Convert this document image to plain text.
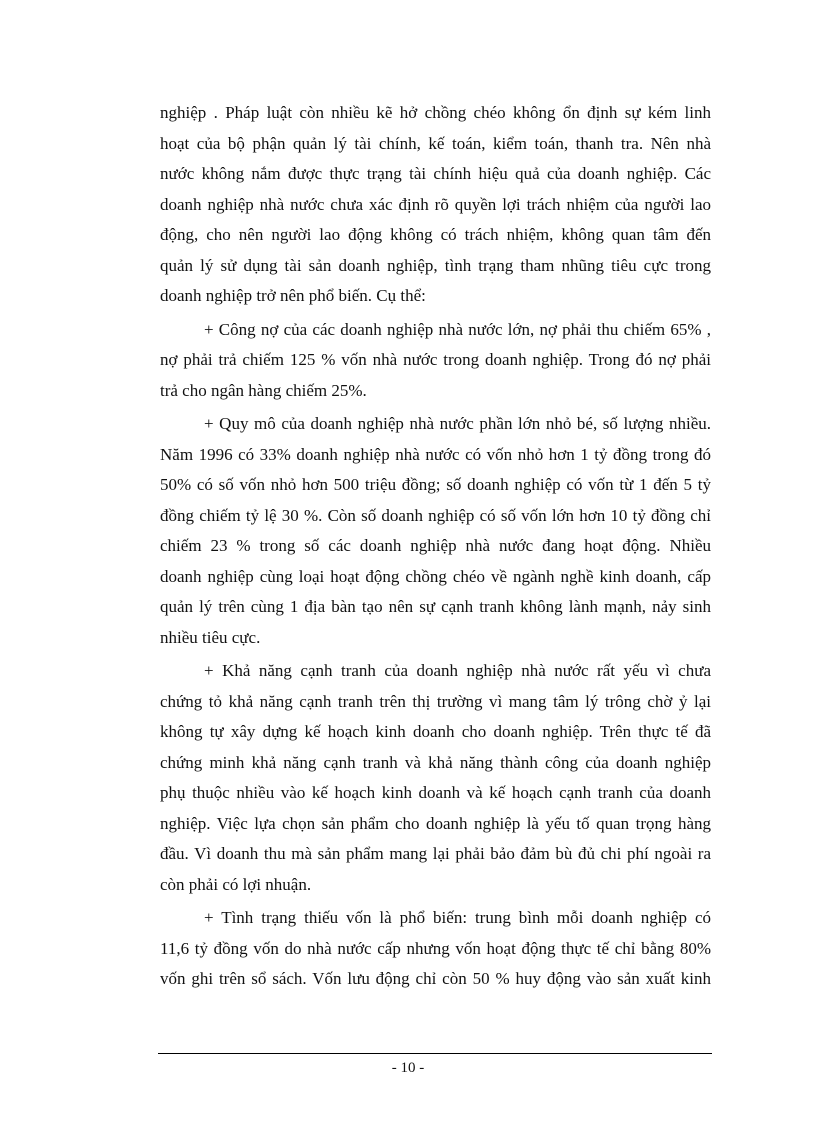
nghiệp . Pháp luật còn nhiều kẽ hở chồng chéo không ổn định sự kém linh
hoạt của bộ phận quản lý tài chính, kế toán, kiểm toán, thanh tra. Nên nhà
nước không nắm được thực trạng tài chính hiệu quả của doanh nghiệp. Các
doanh nghiệp nhà nước chưa xác định rõ quyền lợi trách nhiệm của người lao
động, cho nên người lao động không có trách nhiệm, không quan tâm đến
quản lý sử dụng tài sản doanh nghiệp, tình trạng tham nhũng tiêu cực trong
doanh nghiệp trở nên phổ biến. Cụ thể:
+ Công nợ của các doanh nghiệp nhà nước lớn, nợ phải thu chiếm 65% ,
nợ phải trả chiếm 125 % vốn nhà nước trong doanh nghiệp. Trong đó nợ phải
trả cho ngân hàng chiếm 25%.
+ Quy mô của doanh nghiệp nhà nước phần lớn nhỏ bé, số lượng nhiều.
Năm 1996 có 33% doanh nghiệp nhà nước có vốn nhỏ hơn 1 tỷ đồng trong đó
50% có số vốn nhỏ hơn 500 triệu đồng; số doanh nghiệp có vốn từ 1 đến 5 tỷ
đồng chiếm tỷ lệ 30 %. Còn số doanh nghiệp có số vốn lớn hơn 10 tỷ đồng chỉ
chiếm 23 % trong số các doanh nghiệp nhà nước đang hoạt động. Nhiều
doanh nghiệp cùng loại hoạt động chồng chéo về ngành nghề kinh doanh, cấp
quản lý trên cùng 1 địa bàn tạo nên sự cạnh tranh không lành mạnh, nảy sinh
nhiều tiêu cực.
+ Khả năng cạnh tranh của doanh nghiệp nhà nước rất yếu vì chưa
chứng tỏ khả năng cạnh tranh trên thị trường vì mang tâm lý trông chờ ỷ lại
không tự xây dựng kế hoạch kinh doanh cho doanh nghiệp. Trên thực tế đã
chứng minh khả năng cạnh tranh và khả năng thành công của doanh nghiệp
phụ thuộc nhiều vào kế hoạch kinh doanh và kế hoạch cạnh tranh của doanh
nghiệp. Việc lựa chọn sản phẩm cho doanh nghiệp là yếu tố quan trọng hàng
đầu. Vì doanh thu mà sản phẩm mang lại phải bảo đảm bù đủ chi phí ngoài ra
còn phải có lợi nhuận.
+ Tình trạng thiếu vốn là phổ biến: trung bình mỗi doanh nghiệp có
11,6 tỷ đồng vốn do nhà nước cấp nhưng vốn hoạt động thực tế chỉ bằng 80%
vốn ghi trên sổ sách. Vốn lưu động chỉ còn 50 % huy động vào sản xuất kinh
- 10 -
